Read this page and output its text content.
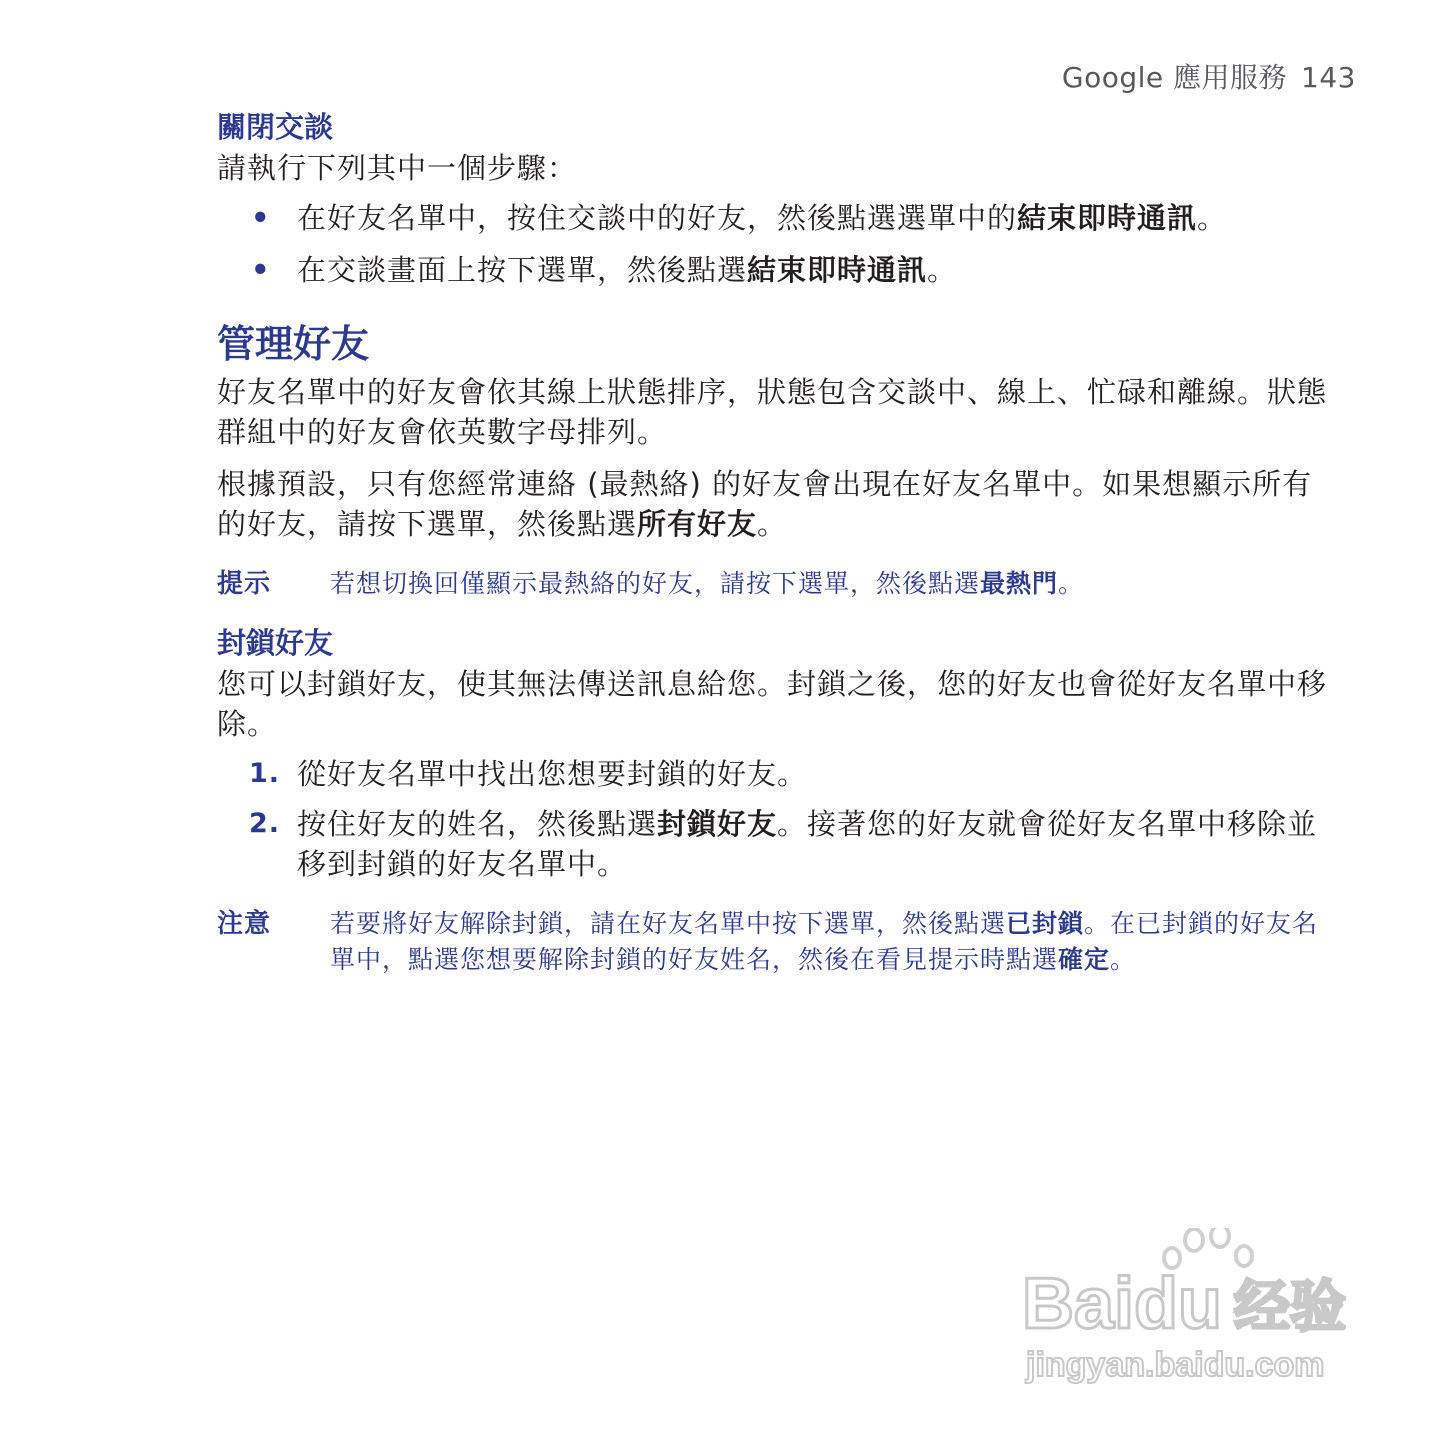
Google 應用服務 143
關閉交談

請執行下列其中一個步驟：

• 在好友名單中，按住交談中的好友，然後點選選單中的結束即時通訊。
• 在交談畫面上按下選單，然後點選結束即時通訊。
管理好友

好友名單中的好友會依其線上狀態排序，狀態包含交談中、線上、忙碌和離線。狀態群組中的好友會依英數字母排列。

根據預設，只有您經常連絡 (最熱絡) 的好友會出現在好友名單中。如果想顯示所有的好友，請按下選單，然後點選所有好友。

提示 若想切換回僅顯示最熱絡的好友，請按下選單，然後點選最熱門。
封鎖好友

您可以封鎖好友，使其無法傳送訊息給您。封鎖之後，您的好友也會從好友名單中移除。

1. 從好友名單中找出您想要封鎖的好友。
2. 按住好友的姓名，然後點選封鎖好友。接著您的好友就會從好友名單中移除並移到封鎖的好友名單中。
注意 若要將好友解除封鎖，請在好友名單中按下選單，然後點選已封鎖。在已封鎖的好友名單中，點選您想要解除封鎖的好友姓名，然後在看見提示時點選確定。
Baidu 经验
jingyan.baidu.com
